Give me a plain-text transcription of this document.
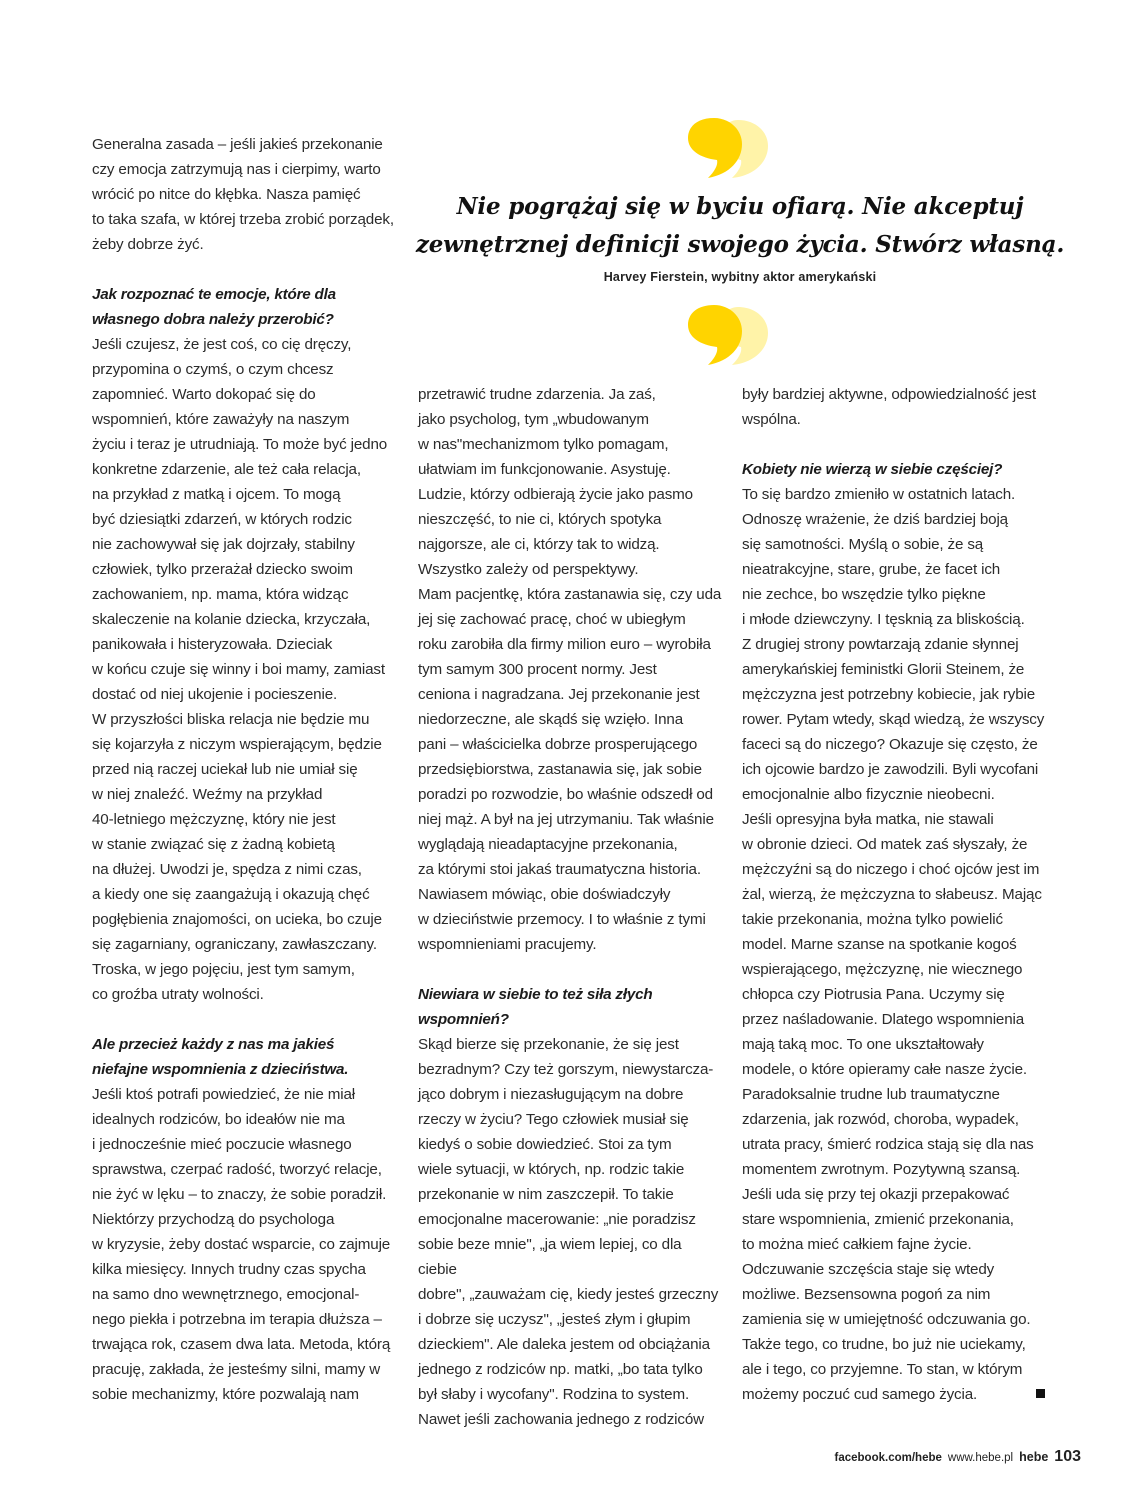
Generalna zasada – jeśli jakieś przekonanie
czy emocja zatrzymują nas i cierpimy, warto
wrócić po nitce do kłębka. Nasza pamięć
to taka szafa, w której trzeba zrobić porządek,
żeby dobrze żyć.

Jak rozpoznać te emocje, które dla
własnego dobra należy przerobić?

Jeśli czujesz, że jest coś, co cię dręczy,
przypomina o czymś, o czym chcesz
zapomnieć. Warto dokopać się do
wspomnień, które zaważyły na naszym
życiu i teraz je utrudniają. To może być jedno
konkretne zdarzenie, ale też cała relacja,
na przykład z matką i ojcem. To mogą
być dziesiątki zdarzeń, w których rodzic
nie zachowywał się jak dojrzały, stabilny
człowiek, tylko przerażał dziecko swoim
zachowaniem, np. mama, która widząc
skaleczenie na kolanie dziecka, krzyczała,
panikowała i histeryzowała. Dzieciak
w końcu czuje się winny i boi mamy, zamiast
dostać od niej ukojenie i pocieszenie.
W przyszłości bliska relacja nie będzie mu
się kojarzyła z niczym wspierającym, będzie
przed nią raczej uciekał lub nie umiał się
w niej znaleźć. Weźmy na przykład
40-letniego mężczyznę, który nie jest
w stanie związać się z żadną kobietą
na dłużej. Uwodzi je, spędza z nimi czas,
a kiedy one się zaangażują i okazują chęć
pogłębienia znajomości, on ucieka, bo czuje
się zagarniany, ograniczany, zawłaszczany.
Troska, w jego pojęciu, jest tym samym,
co groźba utraty wolności.

Ale przecież każdy z nas ma jakieś
niefajne wspomnienia z dzieciństwa.

Jeśli ktoś potrafi powiedzieć, że nie miał
idealnych rodziców, bo ideałów nie ma
i jednocześnie mieć poczucie własnego
sprawstwa, czerpać radość, tworzyć relacje,
nie żyć w lęku – to znaczy, że sobie poradził.
Niektórzy przychodzą do psychologa
w kryzysie, żeby dostać wsparcie, co zajmuje
kilka miesięcy. Innych trudny czas spycha
na samo dno wewnętrznego, emocjonal-
nego piekła i potrzebna im terapia dłuższa –
trwająca rok, czasem dwa lata. Metoda, którą
pracuję, zakłada, że jesteśmy silni, mamy w
sobie mechanizmy, które pozwalają nam

przetrawić trudne zdarzenia. Ja zaś,
jako psycholog, tym „wbudowanym
w nas"mechanizmom tylko pomagam,
ułatwiam im funkcjonowanie. Asystuję.
Ludzie, którzy odbierają życie jako pasmo
nieszczęść, to nie ci, których spotyka
najgorsze, ale ci, którzy tak to widzą.
Wszystko zależy od perspektywy.
Mam pacjentkę, która zastanawia się, czy uda
jej się zachować pracę, choć w ubiegłym
roku zarobiła dla firmy milion euro – wyrobiła
tym samym 300 procent normy. Jest
ceniona i nagradzana. Jej przekonanie jest
niedorzeczne, ale skądś się wzięło. Inna
pani – właścicielka dobrze prosperującego
przedsiębiorstwa, zastanawia się, jak sobie
poradzi po rozwodzie, bo właśnie odszedł od
niej mąż. A był na jej utrzymaniu. Tak właśnie
wyglądają nieadaptacyjne przekonania,
za którymi stoi jakaś traumatyczna historia.
Nawiasem mówiąc, obie doświadczyły
w dzieciństwie przemocy. I to właśnie z tymi
wspomnieniami pracujemy.

Niewiara w siebie to też siła złych
wspomnień?

Skąd bierze się przekonanie, że się jest
bezradnym? Czy też gorszym, niewystarcza-
jąco dobrym i niezasługującym na dobre
rzeczy w życiu? Tego człowiek musiał się
kiedyś o sobie dowiedzieć. Stoi za tym
wiele sytuacji, w których, np. rodzic takie
przekonanie w nim zaszczepił. To takie
emocjonalne macerowanie: „nie poradzisz
sobie beze mnie", „ja wiem lepiej, co dla ciebie
dobre", „zauważam cię, kiedy jesteś grzeczny
i dobrze się uczysz", „jesteś złym i głupim
dzieckiem". Ale daleka jestem od obciążania
jednego z rodziców np. matki, „bo tata tylko
był słaby i wycofany". Rodzina to system.
Nawet jeśli zachowania jednego z rodziców

były bardziej aktywne, odpowiedzialność jest
wspólna.

Kobiety nie wierzą w siebie częściej?

To się bardzo zmieniło w ostatnich latach.
Odnoszę wrażenie, że dziś bardziej boją
się samotności. Myślą o sobie, że są
nieatrakcyjne, stare, grube, że facet ich
nie zechce, bo wszędzie tylko piękne
i młode dziewczyny. I tęsknią za bliskością.
Z drugiej strony powtarzają zdanie słynnej
amerykańskiej feministki Glorii Steinem, że
mężczyzna jest potrzebny kobiecie, jak rybie
rower. Pytam wtedy, skąd wiedzą, że wszyscy
faceci są do niczego? Okazuje się często, że
ich ojcowie bardzo je zawodzili. Byli wycofani
emocjonalnie albo fizycznie nieobecni.
Jeśli opresyjna była matka, nie stawali
w obronie dzieci. Od matek zaś słyszały, że
mężczyźni są do niczego i choć ojców jest im
żal, wierzą, że mężczyzna to słabeusz. Mając
takie przekonania, można tylko powielić
model. Marne szanse na spotkanie kogoś
wspierającego, mężczyznę, nie wiecznego
chłopca czy Piotrusia Pana. Uczymy się
przez naśladowanie. Dlatego wspomnienia
mają taką moc. To one ukształtowały
modele, o które opieramy całe nasze życie.
Paradoksalnie trudne lub traumatyczne
zdarzenia, jak rozwód, choroba, wypadek,
utrata pracy, śmierć rodzica stają się dla nas
momentem zwrotnym. Pozytywną szansą.
Jeśli uda się przy tej okazji przepakować
stare wspomnienia, zmienić przekonania,
to można mieć całkiem fajne życie.
Odczuwanie szczęścia staje się wtedy
możliwe. Bezsensowna pogoń za nim
zamienia się w umiejętność odczuwania go.
Także tego, co trudne, bo już nie uciekamy,
ale i tego, co przyjemne. To stan, w którym
możemy poczuć cud samego życia.

Nie pogrążaj się w byciu ofiarą. Nie akceptuj
zewnętrznej definicji swojego życia. Stwórz własną.
Harvey Fierstein, wybitny aktor amerykański
facebook.com/hebe www.hebe.pl hebe 103
